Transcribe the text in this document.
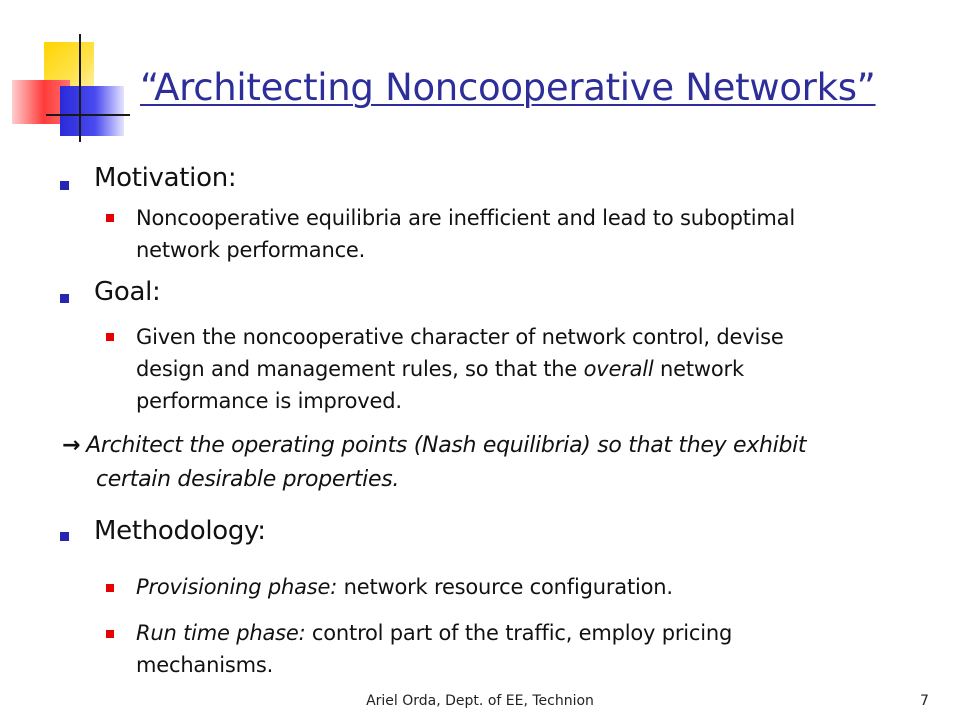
“Architecting Noncooperative Networks”
Motivation:
Noncooperative equilibria are inefficient and lead to suboptimal
network performance.
Goal:
Given the noncooperative character of network control, devise
design and management rules, so that the overall network
performance is improved.
→ Architect the operating points (Nash equilibria) so that they exhibit
certain desirable properties.
Methodology:
Provisioning phase: network resource configuration.
Run time phase: control part of the traffic, employ pricing
mechanisms.
Ariel Orda, Dept. of EE, Technion	7
